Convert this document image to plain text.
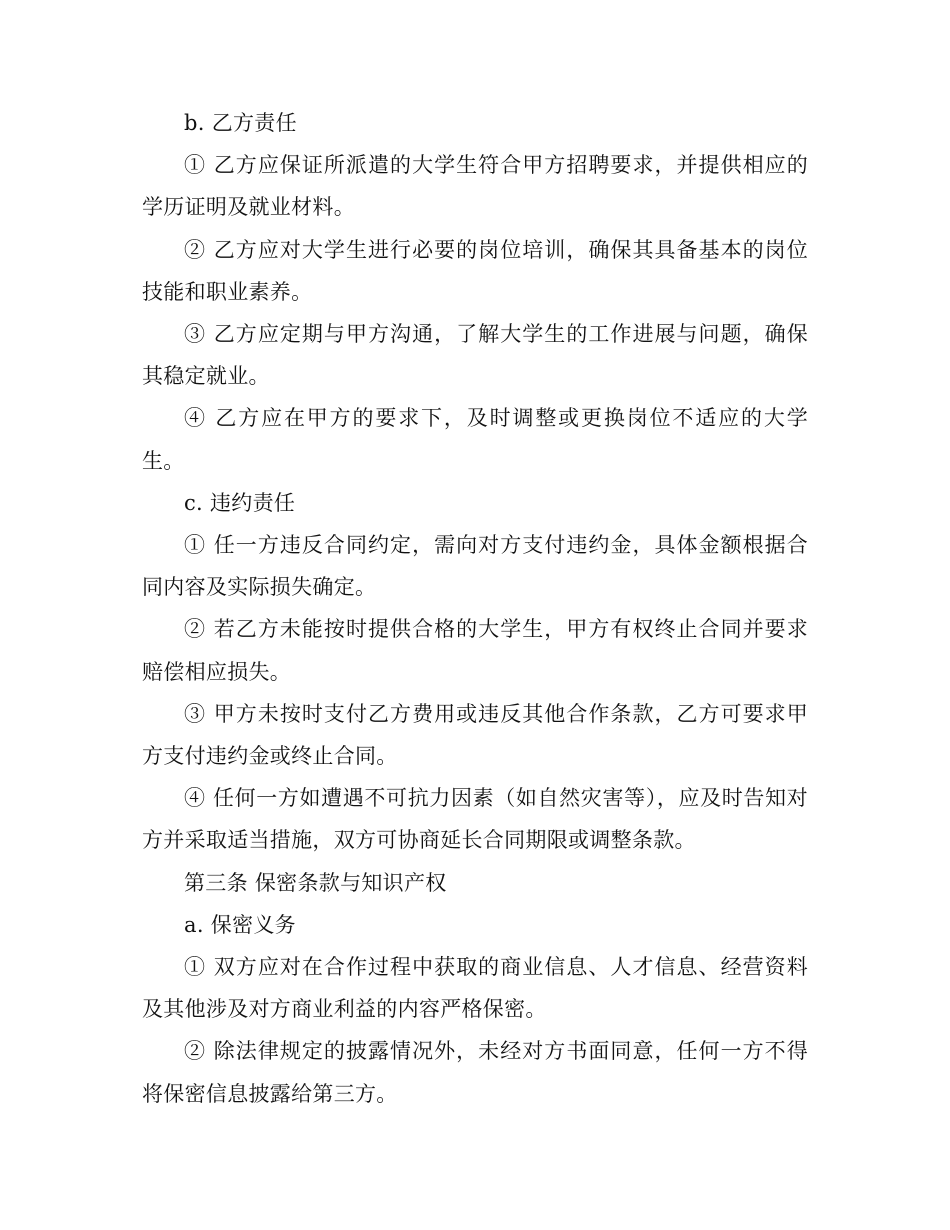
b. 乙方责任

① 乙方应保证所派遣的大学生符合甲方招聘要求，并提供相应的学历证明及就业材料。

② 乙方应对大学生进行必要的岗位培训，确保其具备基本的岗位技能和职业素养。

③ 乙方应定期与甲方沟通，了解大学生的工作进展与问题，确保其稳定就业。

④ 乙方应在甲方的要求下，及时调整或更换岗位不适应的大学生。

c. 违约责任

① 任一方违反合同约定，需向对方支付违约金，具体金额根据合同内容及实际损失确定。

② 若乙方未能按时提供合格的大学生，甲方有权终止合同并要求赔偿相应损失。

③ 甲方未按时支付乙方费用或违反其他合作条款，乙方可要求甲方支付违约金或终止合同。

④ 任何一方如遭遇不可抗力因素（如自然灾害等），应及时告知对方并采取适当措施，双方可协商延长合同期限或调整条款。

第三条 保密条款与知识产权

a. 保密义务

① 双方应对在合作过程中获取的商业信息、人才信息、经营资料及其他涉及对方商业利益的内容严格保密。

② 除法律规定的披露情况外，未经对方书面同意，任何一方不得将保密信息披露给第三方。
